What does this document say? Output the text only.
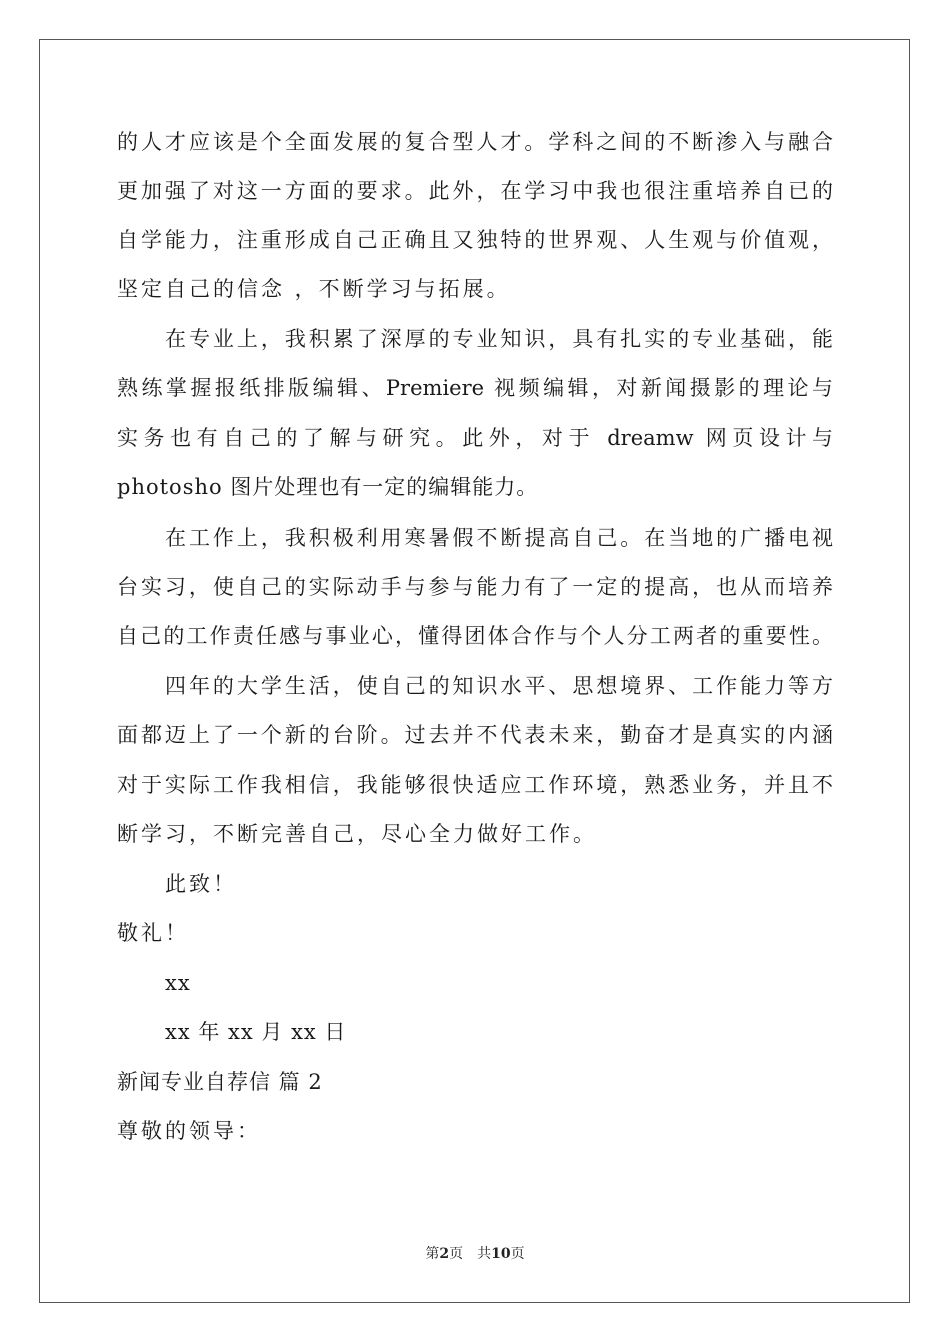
的人才应该是个全面发展的复合型人才。学科之间的不断渗入与融合
更加强了对这一方面的要求。此外，在学习中我也很注重培养自已的
自学能力，注重形成自己正确且又独特的世界观、人生观与价值观，
坚定自己的信念 ，不断学习与拓展。
在专业上，我积累了深厚的专业知识，具有扎实的专业基础，能
熟练掌握报纸排版编辑、Premiere 视频编辑，对新闻摄影的理论与
实务也有自己的了解与研究。此外，对于 dreamw 网页设计与
photosho 图片处理也有一定的编辑能力。
在工作上，我积极利用寒暑假不断提高自己。在当地的广播电视
台实习，使自己的实际动手与参与能力有了一定的提高，也从而培养
自己的工作责任感与事业心，懂得团体合作与个人分工两者的重要性。
四年的大学生活，使自己的知识水平、思想境界、工作能力等方
面都迈上了一个新的台阶。过去并不代表未来，勤奋才是真实的内涵
对于实际工作我相信，我能够很快适应工作环境，熟悉业务，并且不
断学习，不断完善自己，尽心全力做好工作。
此致！
敬礼！
xx
xx 年 xx 月 xx 日
新闻专业自荐信 篇 2
尊敬的领导：
第2页 共10页
